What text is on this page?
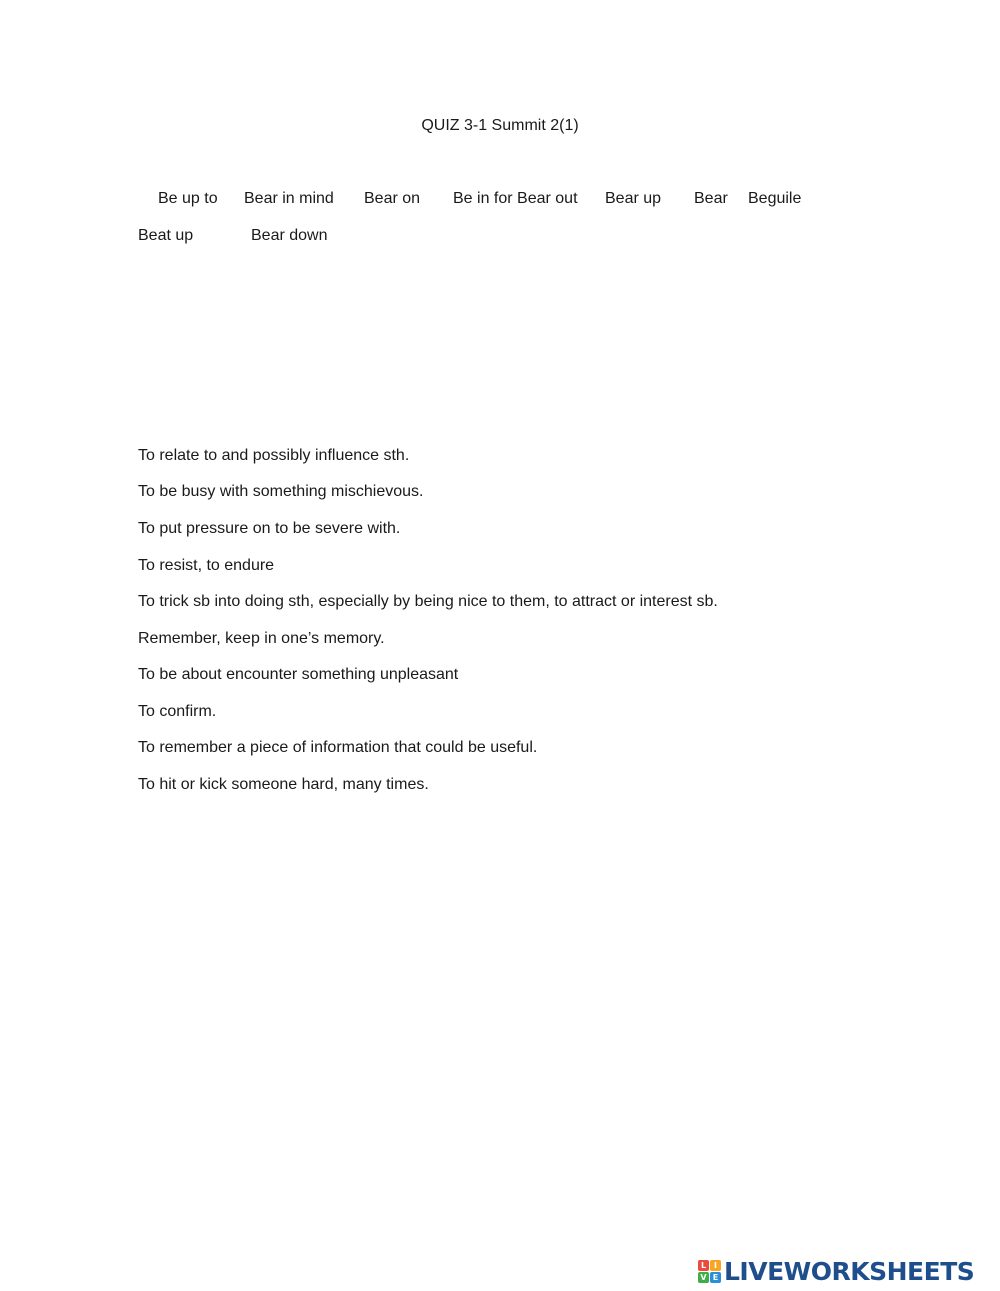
QUIZ 3-1 Summit 2(1)
Be up to Bear in mind Bear on Be in for Bear out Bear up Bear Beguile
Beat up	Bear down
To relate to and possibly influence sth.
To be busy with something mischievous.
To put pressure on to be severe with.
To resist, to endure
To trick sb into doing sth, especially by being nice to them, to attract or interest sb.
Remember, keep in one’s memory.
To be about encounter something unpleasant
To confirm.
To remember a piece of information that could be useful.
To hit or kick someone hard, many times.
L I
V E LIVEWORKSHEETS
